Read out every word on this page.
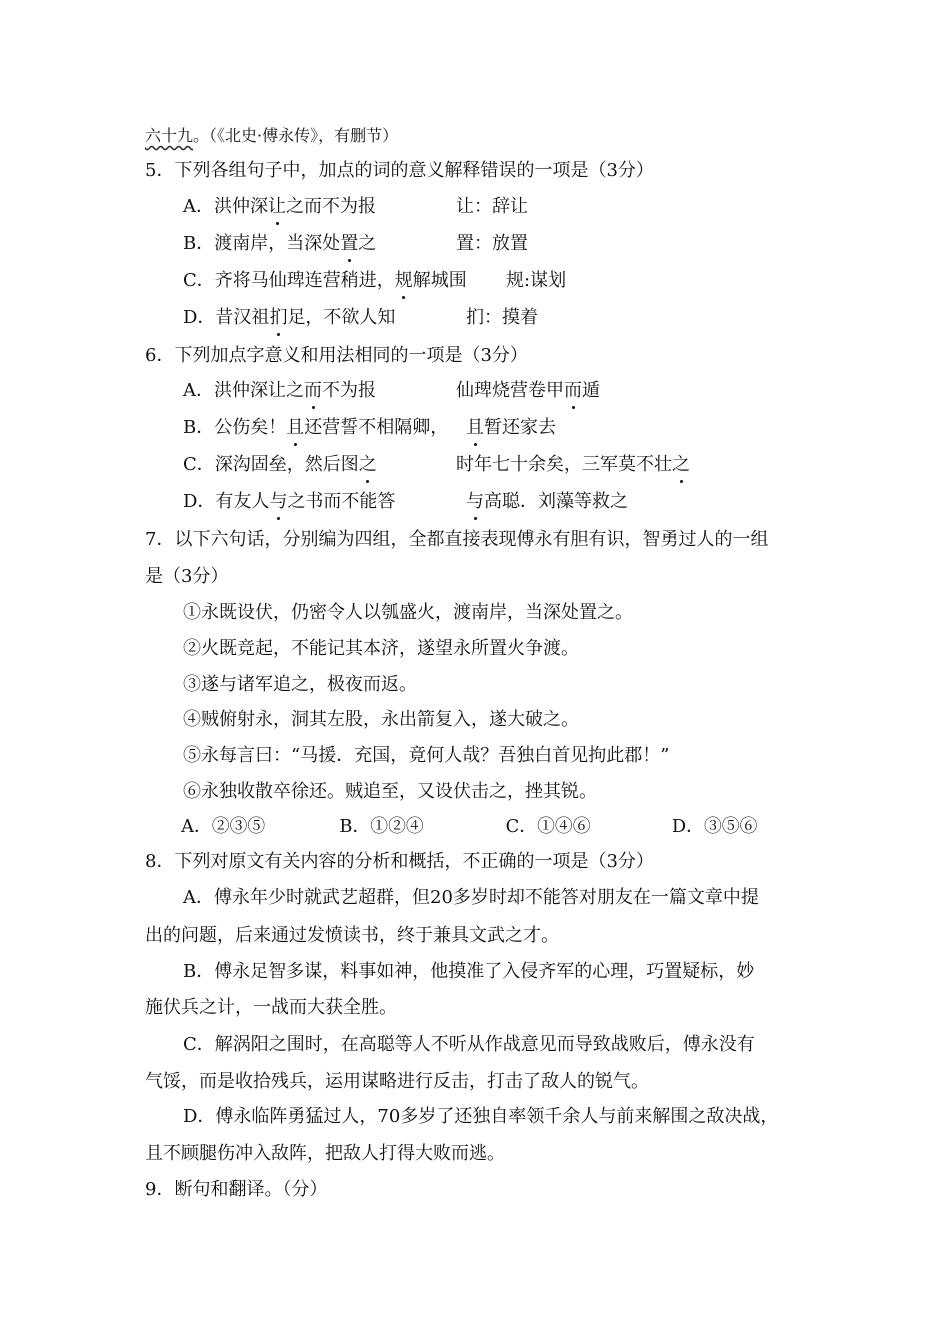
六十九。（《北史·傅永传》，有删节）
5．下列各组句子中，加点的词的意义解释错误的一项是（3分）
A．洪仲深让之而不为报	让：辞让
B．渡南岸，当深处置之	置：放置
C．齐将马仙琕连营稍进，规解城围 规:谋划
D．昔汉祖扪足，不欲人知	扪：摸着
6．下列加点字意义和用法相同的一项是（3分）
A．洪仲深让之而不为报	仙琕烧营卷甲而遁
B．公伤矣！且还营誓不相隔卿， 且暂还家去
C．深沟固垒，然后图之	时年七十余矣，三军莫不壮之
D．有友人与之书而不能答	与高聪．刘藻等救之
7．以下六句话，分别编为四组，全都直接表现傅永有胆有识，智勇过人的一组
是（3分）
①永既设伏，仍密令人以瓠盛火，渡南岸，当深处置之。
②火既竞起，不能记其本济，遂望永所置火争渡。
③遂与诸军追之，极夜而返。
④贼俯射永，洞其左股，永出箭复入，遂大破之。
⑤永每言曰：“马援．充国，竟何人哉？吾独白首见拘此郡！”
⑥永独收散卒徐还。贼追至，又设伏击之，挫其锐。
A．②③⑤	B．①②④	C．①④⑥	D．③⑤⑥
8．下列对原文有关内容的分析和概括，不正确的一项是（3分）
A．傅永年少时就武艺超群，但20多岁时却不能答对朋友在一篇文章中提
出的问题，后来通过发愤读书，终于兼具文武之才。
B．傅永足智多谋，料事如神，他摸准了入侵齐军的心理，巧置疑标，妙
施伏兵之计，一战而大获全胜。
C．解涡阳之围时，在高聪等人不听从作战意见而导致战败后，傅永没有
气馁，而是收拾残兵，运用谋略进行反击，打击了敌人的锐气。
D．傅永临阵勇猛过人，70多岁了还独自率领千余人与前来解围之敌决战，
且不顾腿伤冲入敌阵，把敌人打得大败而逃。
9．断句和翻译。（分）
